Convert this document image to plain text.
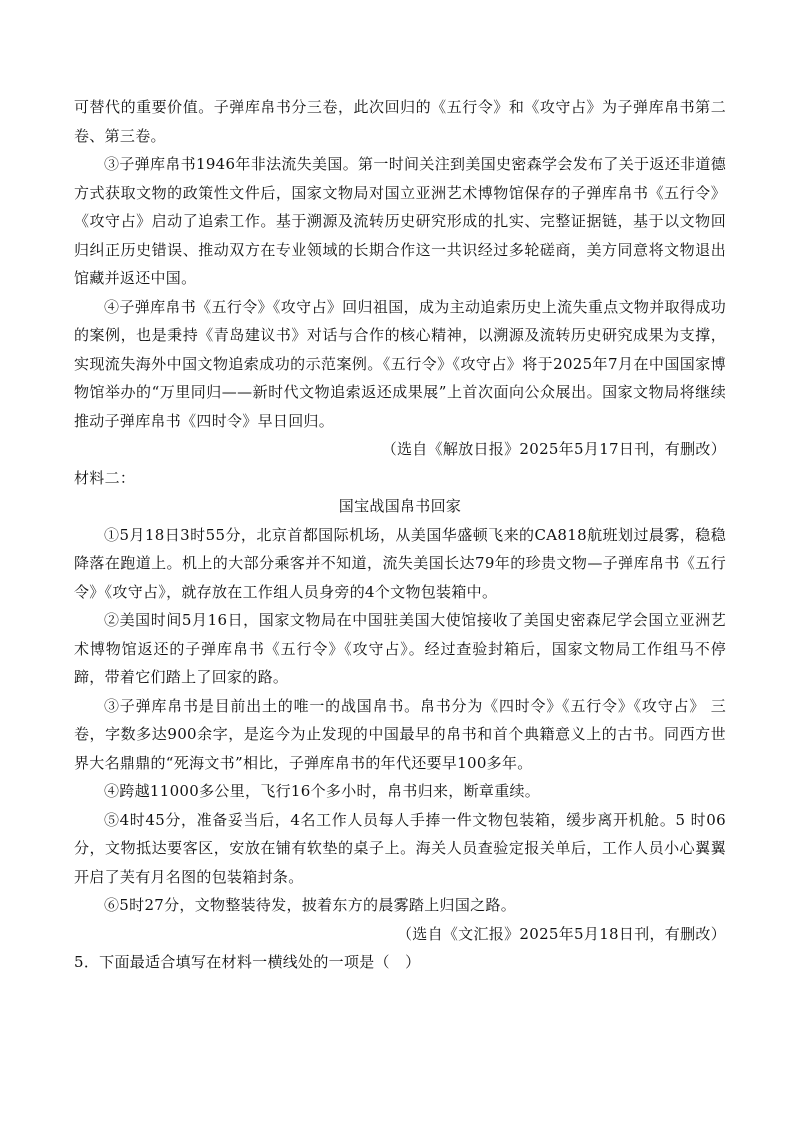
可替代的重要价值。子弹库帛书分三卷，此次回归的《五行令》和《攻守占》为子弹库帛书第二卷、第三卷。

③子弹库帛书1946年非法流失美国。第一时间关注到美国史密森学会发布了关于返还非道德方式获取文物的政策性文件后，国家文物局对国立亚洲艺术博物馆保存的子弹库帛书《五行令》《攻守占》启动了追索工作。基于溯源及流转历史研究形成的扎实、完整证据链，基于以文物回归纠正历史错误、推动双方在专业领域的长期合作这一共识经过多轮磋商，美方同意将文物退出馆藏并返还中国。

④子弹库帛书《五行令》《攻守占》回归祖国，成为主动追索历史上流失重点文物并取得成功的案例，也是秉持《青岛建议书》对话与合作的核心精神，以溯源及流转历史研究成果为支撑，实现流失海外中国文物追索成功的示范案例。《五行令》《攻守占》将于2025年7月在中国国家博物馆举办的“万里同归——新时代文物追索返还成果展”上首次面向公众展出。国家文物局将继续推动子弹库帛书《四时令》早日回归。

（选自《解放日报》2025年5月17日刊，有删改）

材料二：

国宝战国帛书回家

①5月18日3时55分，北京首都国际机场，从美国华盛顿飞来的CA818航班划过晨雾，稳稳降落在跑道上。机上的大部分乘客并不知道，流失美国长达79年的珍贵文物—子弹库帛书《五行令》《攻守占》，就存放在工作组人员身旁的4个文物包装箱中。

②美国时间5月16日，国家文物局在中国驻美国大使馆接收了美国史密森尼学会国立亚洲艺术博物馆返还的子弹库帛书《五行令》《攻守占》。经过查验封箱后，国家文物局工作组马不停蹄，带着它们踏上了回家的路。

③子弹库帛书是目前出土的唯一的战国帛书。帛书分为《四时令》《五行令》《攻守占》 三卷，字数多达900余字，是迄今为止发现的中国最早的帛书和首个典籍意义上的古书。同西方世界大名鼎鼎的“死海文书”相比，子弹库帛书的年代还要早100多年。

④跨越11000多公里，飞行16个多小时，帛书归来，断章重续。

⑤4时45分，准备妥当后，4名工作人员每人手捧一件文物包装箱，缓步离开机舱。5 时06分，文物抵达要客区，安放在铺有软垫的桌子上。海关人员查验定报关单后，工作人员小心翼翼开启了芙有月名图的包装箱封条。

⑥5时27分，文物整装待发，披着东方的晨雾踏上归国之路。

（选自《文汇报》2025年5月18日刊，有删改）

5．下面最适合填写在材料一横线处的一项是（　）
